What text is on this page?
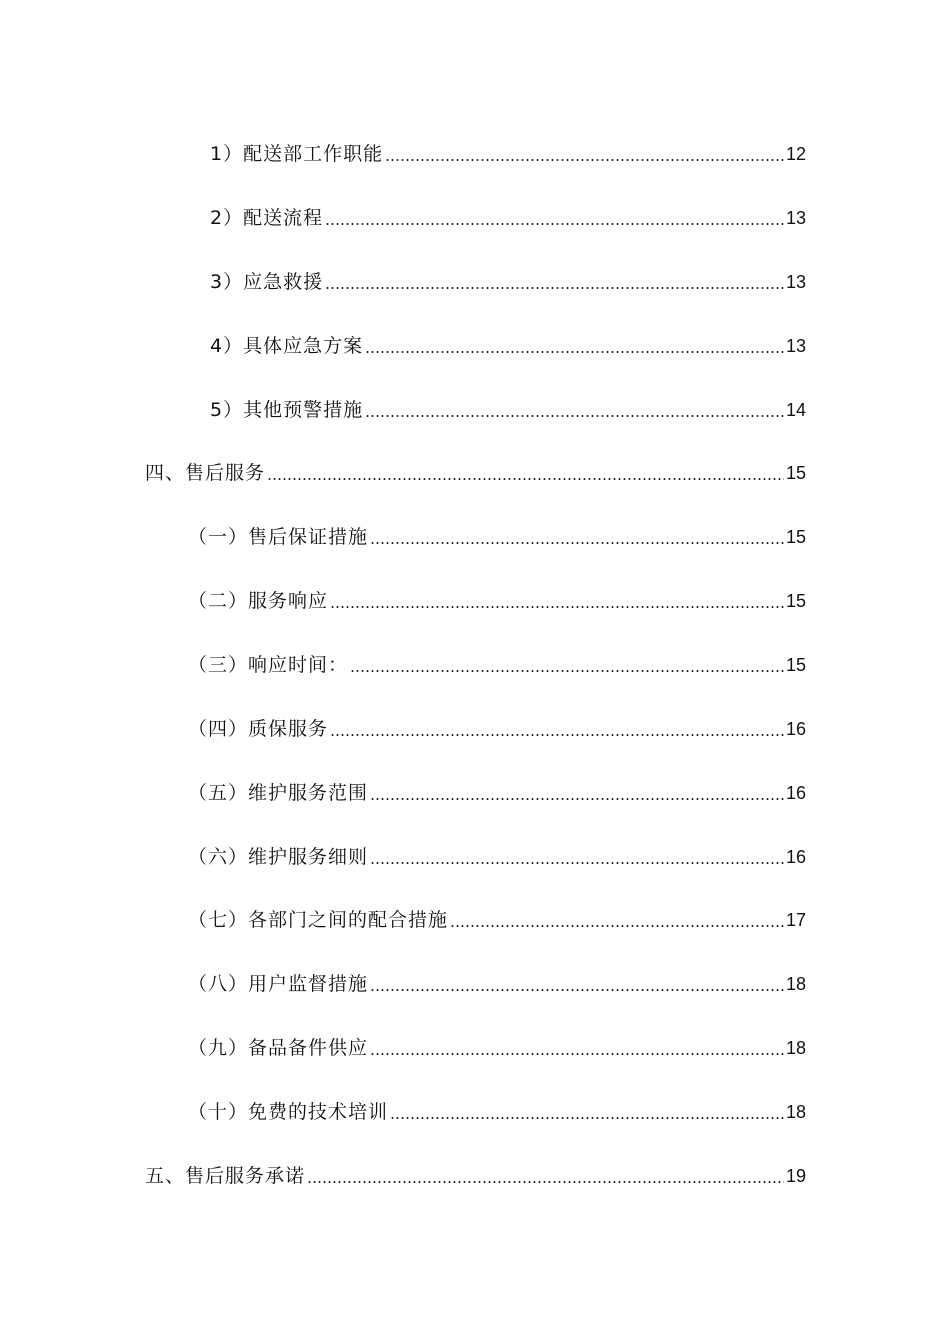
1）配送部工作职能	12
2）配送流程	13
3）应急救援	13
4）具体应急方案	13
5）其他预警措施	14
四、售后服务	15
（一）售后保证措施	15
（二）服务响应	15
（三）响应时间：	15
（四）质保服务	16
（五）维护服务范围	16
（六）维护服务细则	16
（七）各部门之间的配合措施	17
（八）用户监督措施	18
（九）备品备件供应	18
（十）免费的技术培训	18
五、售后服务承诺	19
